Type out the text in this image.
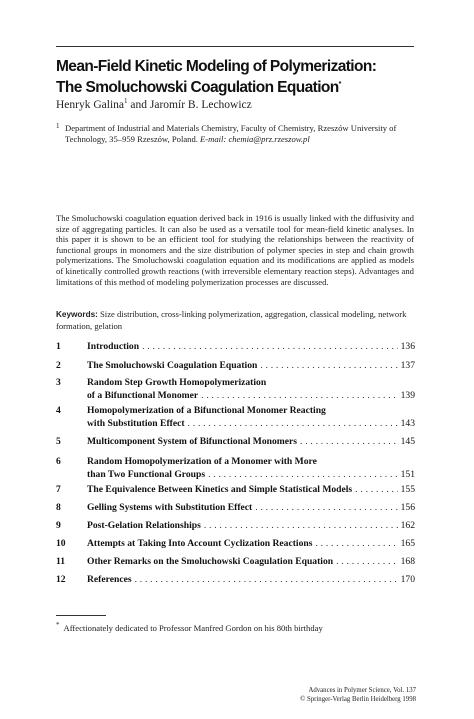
Mean-Field Kinetic Modeling of Polymerization:
The Smoluchowski Coagulation Equation*
Henryk Galina$^1$ and Jaromír B. Lechowicz
1 Department of Industrial and Materials Chemistry, Faculty of Chemistry, Rzeszów University of Technology, 35–959 Rzeszów, Poland. E-mail: chemia@prz.rzeszow.pl

The Smoluchowski coagulation equation derived back in 1916 is usually linked with the diffusivity and size of aggregating particles. It can also be used as a versatile tool for mean-field kinetic analyses. In this paper it is shown to be an efficient tool for studying the relationships between the reactivity of functional groups in monomers and the size distribution of polymer species in step and chain growth polymerizations. The Smoluchowski coagulation equation and its modifications are applied as models of kinetically controlled growth reactions (with irreversible elementary reaction steps). Advantages and limitations of this method of modeling polymerization processes are discussed.

Keywords: Size distribution, cross-linking polymerization, aggregation, classical modeling, network formation, gelation
1	Introduction . . .	136
2	The Smoluchowski Coagulation Equation . . .	137
3	Random Step Growth Homopolymerization
of a Bifunctional Monomer . . .	139
4	Homopolymerization of a Bifunctional Monomer Reacting
with Substitution Effect . . .	143
5	Multicomponent System of Bifunctional Monomers . . .	145
6	Random Homopolymerization of a Monomer with More
than Two Functional Groups . . .	151
7	The Equivalence Between Kinetics and Simple Statistical Models . . .	155
8	Gelling Systems with Substitution Effect . . .	156
9	Post-Gelation Relationships . . .	162
10 Attempts at Taking Into Account Cyclization Reactions . . .	165
11 Other Remarks on the Smoluchowski Coagulation Equation . . .	168
12 References . . .	170
* Affectionately dedicated to Professor Manfred Gordon on his 80th birthday
Advances in Polymer Science, Vol. 137
© Springer-Verlag Berlin Heidelberg 1998
